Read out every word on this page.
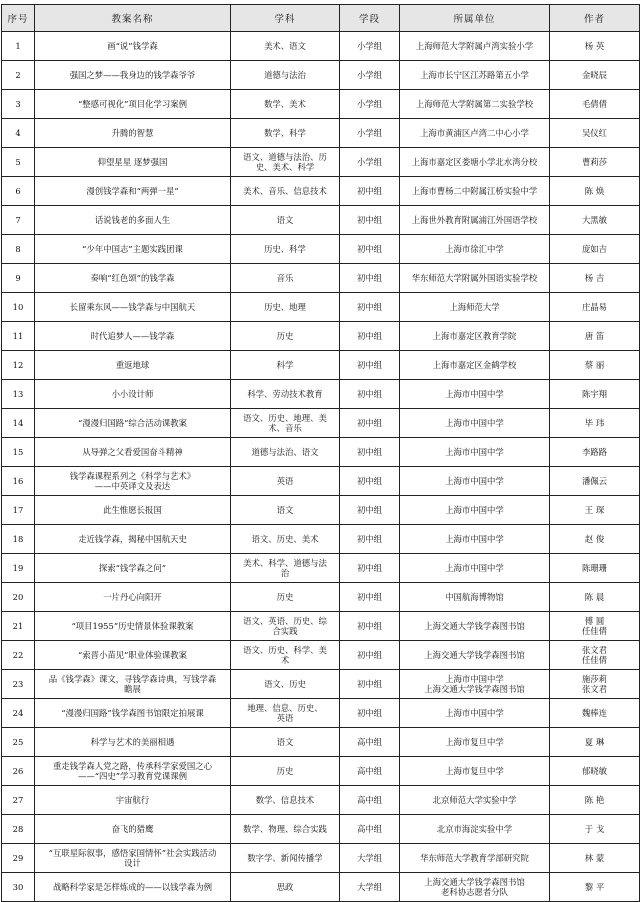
序号	教案名称	学科	学段	所属单位	作者
1	画“说”钱学森	美术、语文	小学组	上海师范大学附属卢湾实验小学	杨 英

2	强国之梦——我身边的钱学森爷爷	道德与法治	小学组	上海市长宁区江苏路第五小学	金晓辰

3	“整感可视化”项目化学习案例	数学、美术	小学组	上海师范大学附属第二实验学校	毛倩倩

4	升腾的智慧	数学、科学	小学组	上海市黄浦区卢湾二中心小学	吴仪红

5	仰望星星 逐梦强国	语文、道德与法治、历
史、美术、科学	小学组	上海市嘉定区娄塘小学北水湾分校	曹莉莎

6	漫创钱学森和“两弹一星”	美术、音乐、信息技术	初中组	上海市曹杨二中附属江桥实验中学	陈 焕

7	话说钱老的多面人生	语文	初中组	上海世外教育附属浦江外国语学校	大黑敏

8	“少年中国志”主题实践团课	历史、科学	初中组	上海市徐汇中学	庞如吉

9	奏响“红色颂”的钱学森	音乐	初中组	华东师范大学附属外国语实验学校	杨 吉

10	长留乘东风——钱学森与中国航天	历史、地理	初中组	上海师范大学	庄晶易

11	时代追梦人——钱学森	历史	初中组	上海市嘉定区教育学院	唐 笛

12	重返地球	科学	初中组	上海市嘉定区金鹤学校	蔡 丽

13	小小设计师	科学、劳动技术教育	初中组	上海市中国中学	陈宇翔

14	“漫漫归国路”综合活动课教案	语文、历史、地理、美
术、音乐	初中组	上海市中国中学	毕 玮

15	从导弹之父看爱国奋斗精神	道德与法治、语文	初中组	上海市中国中学	李路路

16	钱学森课程系列之《科学与艺术》
——中英译文及表达	英语	初中组	上海市中国中学	潘佩云

17	此生惟愿长报国	语文	初中组	上海市中国中学	王 琛

18	走近钱学森，揭秘中国航天史	语文、历史、美术	初中组	上海市中国中学	赵 俊

19	探索“钱学森之问”	美术、科学、道德与法
治	初中组	上海市中国中学	陈珊珊

20	一片丹心向阳开	历史	初中组	中国航海博物馆	陈 晨

21	“项目1955”历史情景体验课教案	语文、英语、历史、综
合实践	初中组	上海交通大学钱学森图书馆	傅 圆
任佳倩

22	“索晋小苗见”职业体验课教案	语文、历史、科学、美
术	初中组	上海交通大学钱学森图书馆	张文君
任佳倩

23	品《钱学森》课文，寻钱学森诗典，写钱学森
瞻展	语文、历史	初中组	上海市中国中学
上海交通大学钱学森图书馆	施莎莉
张文君

24	“漫漫归国路”钱学森图书馆限定拍展课	地理、信息、历史、
英语	初中组	上海市中国中学	魏棒连

25	科学与艺术的美丽相遇	语文	高中组	上海市复旦中学	夏 琳

26	重走钱学森人党之路，传承科学家爱国之心
——“四史”学习教育党课课例	历史	高中组	上海市复旦中学	郁晓敏

27	宇宙航行	数学、信息技术	高中组	北京师范大学实验中学	陈 艳

28	奋飞的猎鹰	数学、物理、综合实践	高中组	北京市海淀实验中学	于 戈

29	“互联星际叙事，感悟家国情怀”社会实践活动
设计	数字学、新闻传播学	大学组	华东师范大学教育学部研究院	林 蒙

30	战略科学家是怎样炼成的——以钱学森为例	思政	大学组	上海交通大学钱学森图书馆
老科协志愿者分队	黎 平
